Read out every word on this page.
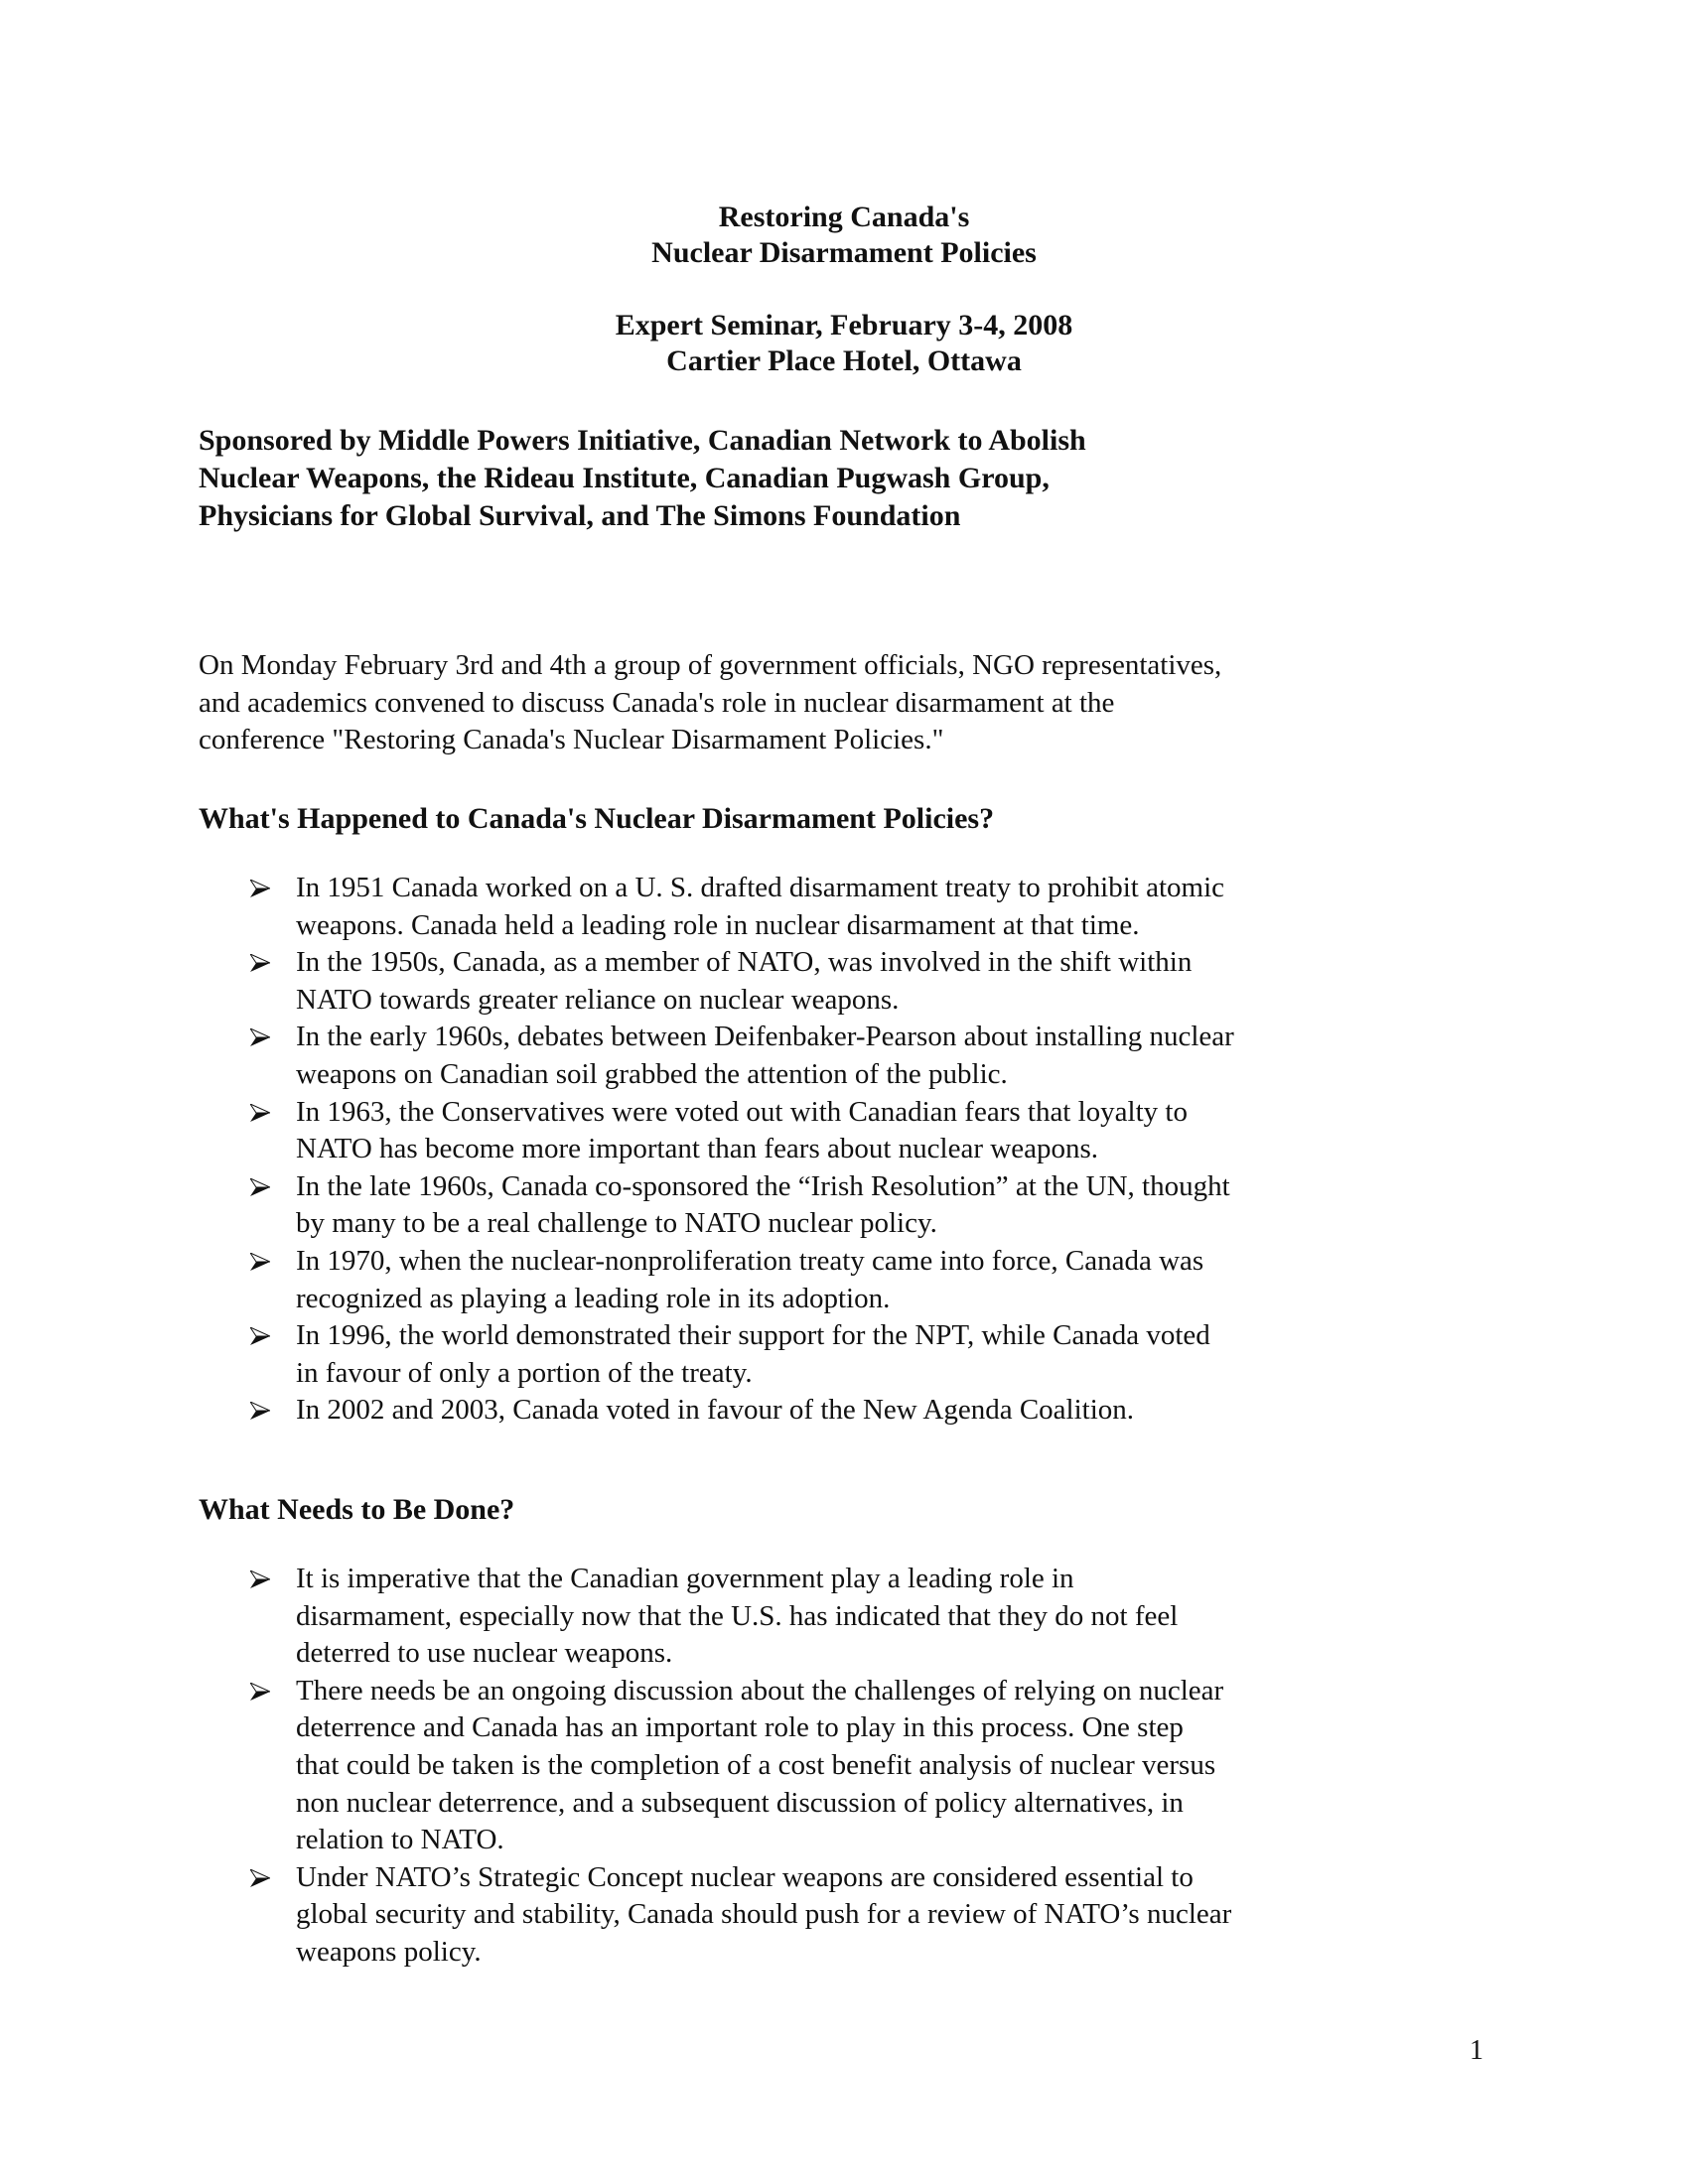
Restoring Canada's
Nuclear Disarmament Policies
Expert Seminar, February 3-4, 2008
Cartier Place Hotel, Ottawa
Sponsored by Middle Powers Initiative, Canadian Network to Abolish
Nuclear Weapons, the Rideau Institute, Canadian Pugwash Group,
Physicians for Global Survival, and The Simons Foundation
On Monday February 3rd and 4th a group of government officials, NGO representatives,
and academics convened to discuss Canada's role in nuclear disarmament at the
conference "Restoring Canada's Nuclear Disarmament Policies."
What's Happened to Canada's Nuclear Disarmament Policies?
In 1951 Canada worked on a U. S. drafted disarmament treaty to prohibit atomic
weapons. Canada held a leading role in nuclear disarmament at that time.
In the 1950s, Canada, as a member of NATO, was involved in the shift within
NATO towards greater reliance on nuclear weapons.
In the early 1960s, debates between Deifenbaker-Pearson about installing nuclear
weapons on Canadian soil grabbed the attention of the public.
In 1963, the Conservatives were voted out with Canadian fears that loyalty to
NATO has become more important than fears about nuclear weapons.
In the late 1960s, Canada co-sponsored the “Irish Resolution” at the UN, thought
by many to be a real challenge to NATO nuclear policy.
In 1970, when the nuclear-nonproliferation treaty came into force, Canada was
recognized as playing a leading role in its adoption.
In 1996, the world demonstrated their support for the NPT, while Canada voted
in favour of only a portion of the treaty.
In 2002 and 2003, Canada voted in favour of the New Agenda Coalition.
What Needs to Be Done?
It is imperative that the Canadian government play a leading role in
disarmament, especially now that the U.S. has indicated that they do not feel
deterred to use nuclear weapons.
There needs be an ongoing discussion about the challenges of relying on nuclear
deterrence and Canada has an important role to play in this process. One step
that could be taken is the completion of a cost benefit analysis of nuclear versus
non nuclear deterrence, and a subsequent discussion of policy alternatives, in
relation to NATO.
Under NATO’s Strategic Concept nuclear weapons are considered essential to
global security and stability, Canada should push for a review of NATO’s nuclear
weapons policy.
1
